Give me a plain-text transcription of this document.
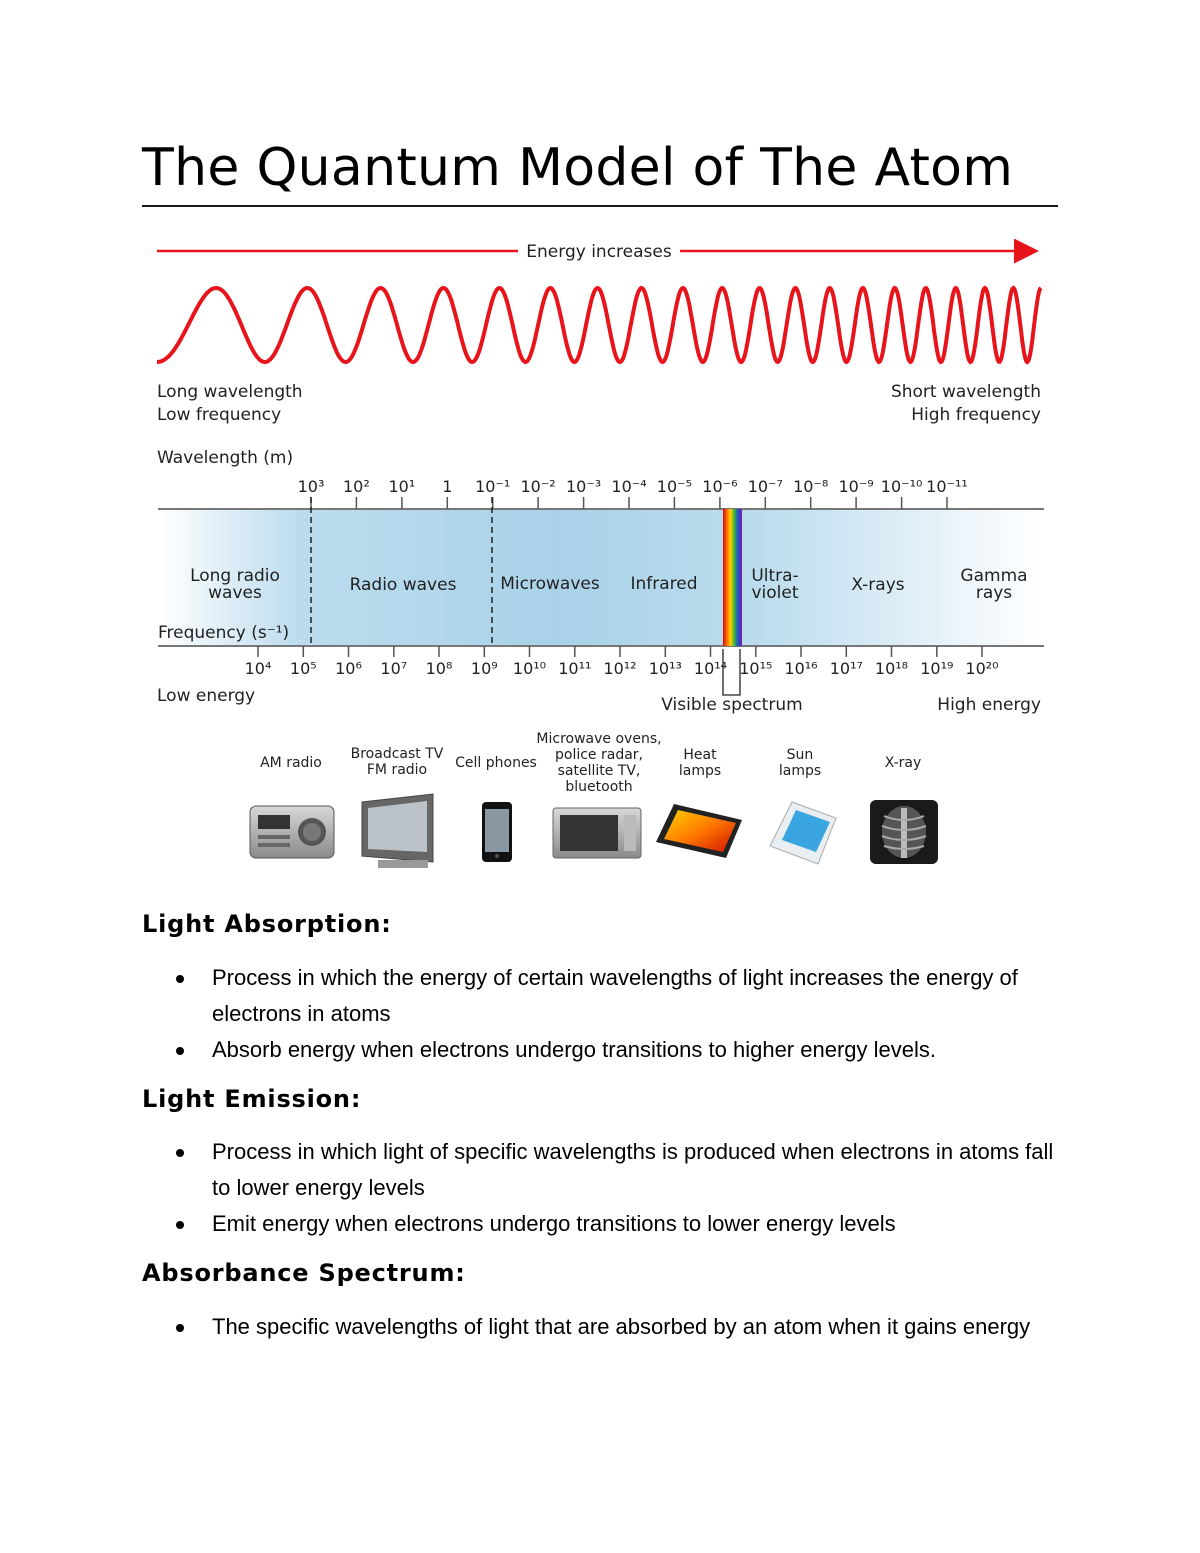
The Quantum Model of The Atom
Energy increases
Long wavelength
Low frequency
Short wavelength
High frequency
Wavelength (m)
10³ 10² 10¹ 1 10⁻¹ 10⁻² 10⁻³ 10⁻⁴ 10⁻⁵ 10⁻⁶ 10⁻⁷ 10⁻⁸ 10⁻⁹ 10⁻¹⁰ 10⁻¹¹
Long radio
waves	Radio waves	Microwaves Infrared	Ultra-
violet	X-rays	Gamma
rays
Frequency (s⁻¹)
10⁴ 10⁵ 10⁶ 10⁷ 10⁸ 10⁹ 10¹⁰ 10¹¹ 10¹² 10¹³ 10¹⁴ 10¹⁵ 10¹⁶ 10¹⁷ 10¹⁸ 10¹⁹ 10²⁰
Low energy	Visible spectrum	High energy
AM radio
Broadcast TV
FM radio Cell phones
Microwave ovens,
police radar,
satellite TV,
bluetooth
Heat
lamps
Sun
lamps	X-ray
Light Absorption:
Process in which the energy of certain wavelengths of light increases the energy of electrons in atoms
Absorb energy when electrons undergo transitions to higher energy levels.
Light Emission:
Process in which light of specific wavelengths is produced when electrons in atoms fall to lower energy levels
Emit energy when electrons undergo transitions to lower energy levels
Absorbance Spectrum:
The specific wavelengths of light that are absorbed by an atom when it gains energy
